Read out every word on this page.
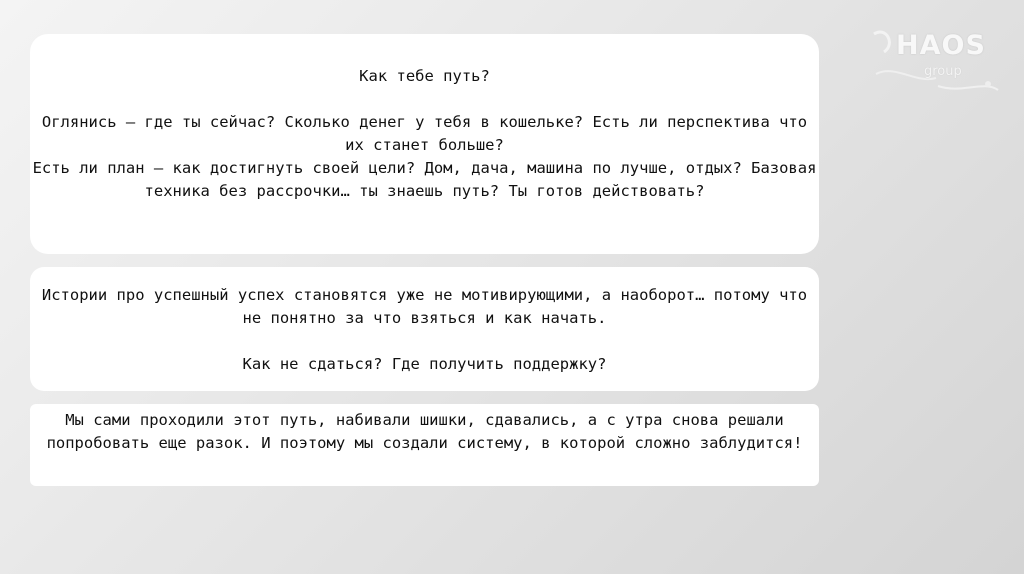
HAOS
group

Как тебе путь?

Оглянись – где ты сейчас? Сколько денег у тебя в кошельке? Есть ли перспектива что их станет больше?

Есть ли план – как достигнуть своей цели? Дом, дача, машина по лучше, отдых? Базовая техника без рассрочки… ты знаешь путь? Ты готов действовать?

Истории про успешный успех становятся уже не мотивирующими, а наоборот… потому что не понятно за что взяться и как начать.

Как не сдаться? Где получить поддержку?

Мы сами проходили этот путь, набивали шишки, сдавались, а с утра снова решали попробовать еще разок. И поэтому мы создали систему, в которой сложно заблудится!
